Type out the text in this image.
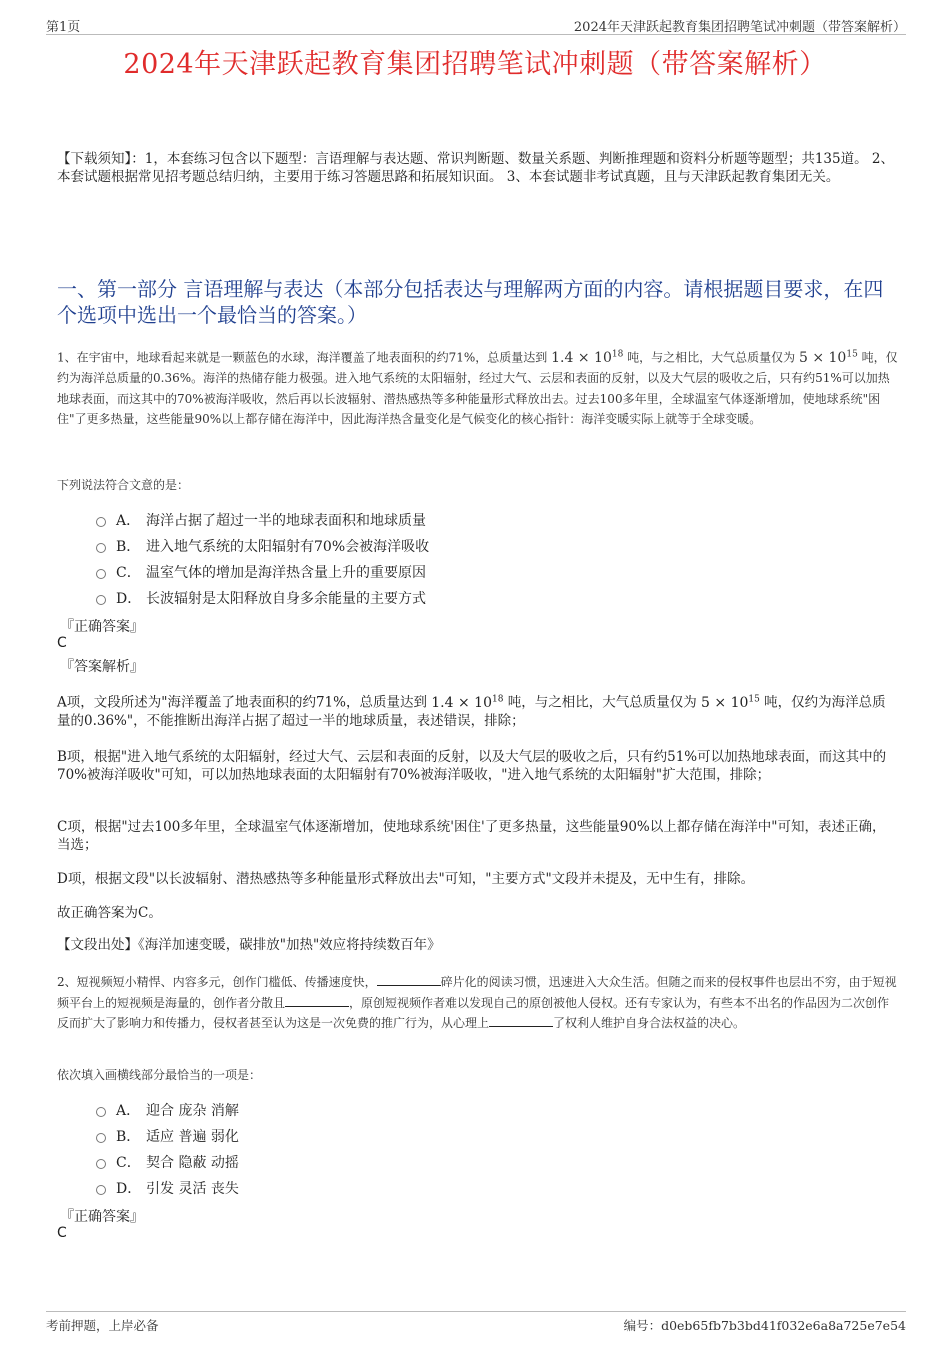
第1页	2024年天津跃起教育集团招聘笔试冲刺题（带答案解析）
2024年天津跃起教育集团招聘笔试冲刺题（带答案解析）
【下载须知】：1，本套练习包含以下题型：言语理解与表达题、常识判断题、数量关系题、判断推理题和资料分析题等题型；共135道。 2、本套试题根据常见招考题总结归纳，主要用于练习答题思路和拓展知识面。 3、本套试题非考试真题，且与天津跃起教育集团无关。
一、第一部分 言语理解与表达（本部分包括表达与理解两方面的内容。请根据题目要求，在四个选项中选出一个最恰当的答案。）

1、在宇宙中，地球看起来就是一颗蓝色的水球，海洋覆盖了地表面积的约71%，总质量达到 $1.4 \times 10^{18}$ 吨，与之相比，大气总质量仅为 $5 \times 10^{15}$ 吨，仅约为海洋总质量的0.36%。海洋的热储存能力极强。进入地气系统的太阳辐射，经过大气、云层和表面的反射，以及大气层的吸收之后，只有约51%可以加热地球表面，而这其中的70%被海洋吸收，然后再以长波辐射、潜热感热等多种能量形式释放出去。过去100多年里，全球温室气体逐渐增加，使地球系统"困住"了更多热量，这些能量90%以上都存储在海洋中，因此海洋热含量变化是气候变化的核心指针：海洋变暖实际上就等于全球变暖。

下列说法符合文意的是：
A． 海洋占据了超过一半的地球表面积和地球质量
B． 进入地气系统的太阳辐射有70%会被海洋吸收
C． 温室气体的增加是海洋热含量上升的重要原因
D． 长波辐射是太阳释放自身多余能量的主要方式
『正确答案』
C
『答案解析』
A项，文段所述为"海洋覆盖了地表面积的约71%，总质量达到 $1.4 \times 10^{18}$ 吨，与之相比，大气总质量仅为 $5 \times 10^{15}$ 吨，仅约为海洋总质量的0.36%"，不能推断出海洋占据了超过一半的地球质量，表述错误，排除；
B项，根据"进入地气系统的太阳辐射，经过大气、云层和表面的反射，以及大气层的吸收之后，只有约51%可以加热地球表面，而这其中的70%被海洋吸收"可知，可以加热地球表面的太阳辐射有70%被海洋吸收，"进入地气系统的太阳辐射"扩大范围，排除；
C项，根据"过去100多年里，全球温室气体逐渐增加，使地球系统'困住'了更多热量，这些能量90%以上都存储在海洋中"可知，表述正确，当选；
D项，根据文段"以长波辐射、潜热感热等多种能量形式释放出去"可知，"主要方式"文段并未提及，无中生有，排除。
故正确答案为C。
【文段出处】《海洋加速变暖，碳排放"加热"效应将持续数百年》

2、短视频短小精悍、内容多元，创作门槛低、传播速度快，	碎片化的阅读习惯，迅速进入大众生活。但随之而来的侵权事件也层出不穷，由于短视频平台上的短视频是海量的，创作者分散且	，原创短视频作者难以发现自己的原创被他人侵权。还有专家认为，有些本不出名的作品因为二次创作反而扩大了影响力和传播力，侵权者甚至认为这是一次免费的推广行为，从心理上	了权利人维护自身合法权益的决心。

依次填入画横线部分最恰当的一项是：
A． 迎合 庞杂 消解
B． 适应 普遍 弱化
C． 契合 隐蔽 动摇
D． 引发 灵活 丧失
『正确答案』
C
考前押题，上岸必备	编号：d0eb65fb7b3bd41f032e6a8a725e7e54
